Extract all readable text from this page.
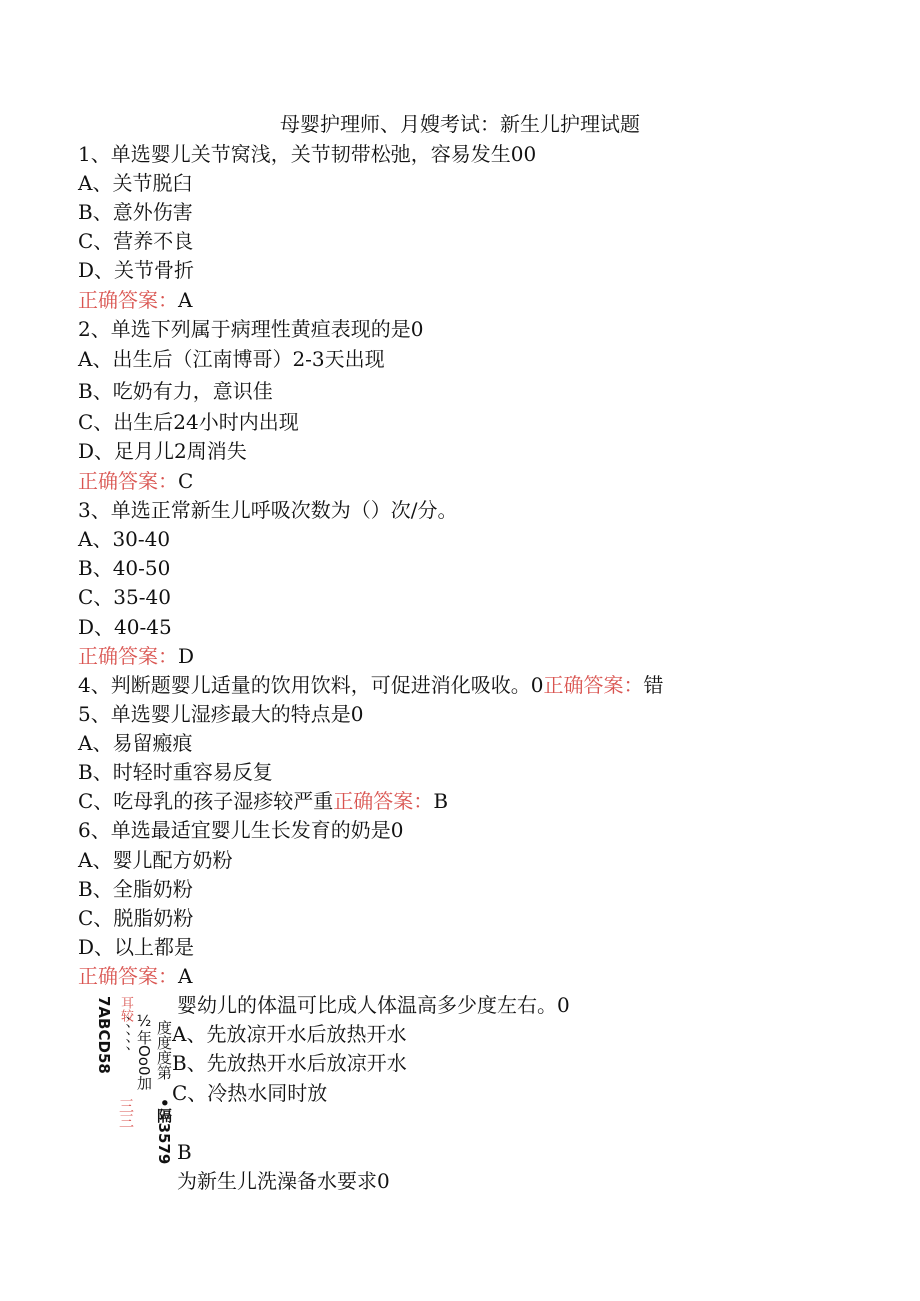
母婴护理师、月嫂考试：新生儿护理试题
1、单选婴儿关节窝浅，关节韧带松弛，容易发生00
A、关节脱臼
B、意外伤害
C、营养不良
D、关节骨折
正确答案：A
2、单选下列属于病理性黄疸表现的是0
A、出生后（江南博哥）2-3天出现
B、吃奶有力，意识佳
C、出生后24小时内出现
D、足月儿2周消失
正确答案：C
3、单选正常新生儿呼吸次数为（）次/分。
A、30-40
B、40-50
C、35-40
D、40-45
正确答案：D
4、判断题婴儿适量的饮用饮料，可促进消化吸收。0正确答案：错
5、单选婴儿湿疹最大的特点是0
A、易留瘢痕
B、时轻时重容易反复
C、吃母乳的孩子湿疹较严重正确答案：B
6、单选最适宜婴儿生长发育的奶是0
A、婴儿配方奶粉
B、全脂奶粉
C、脱脂奶粉
D、以上都是
正确答案：A
7ABCD58 、、、、、
耳较
½年Oo0加
三三
度度度第
•隔3579
婴幼儿的体温可比成人体温高多少度左右。0
A、先放凉开水后放热开水
B、先放热开水后放凉开水
C、冷热水同时放
B
为新生儿洗澡备水要求0
